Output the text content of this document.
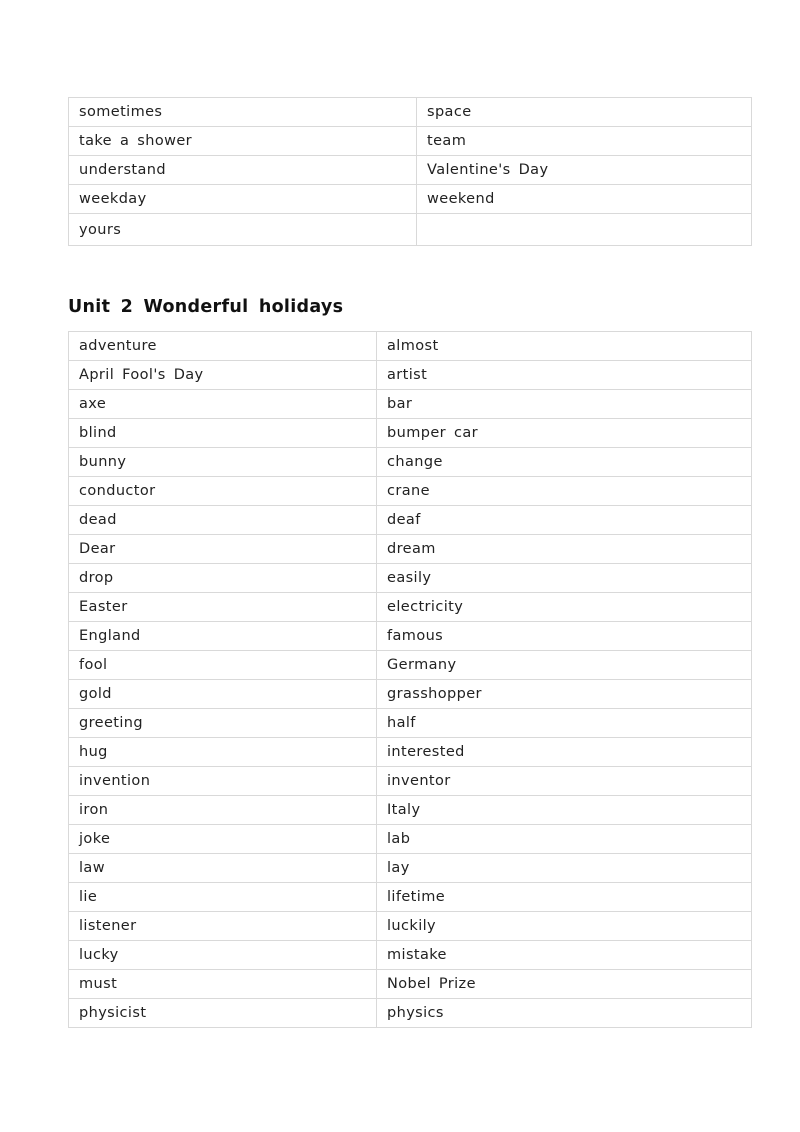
sometimes	space
take a shower	team
understand	Valentine's Day
weekday	weekend
yours	
Unit 2 Wonderful holidays
adventure	almost
April Fool's Day	artist
axe	bar
blind	bumper car
bunny	change
conductor	crane
dead	deaf
Dear	dream
drop	easily
Easter	electricity
England	famous
fool	Germany
gold	grasshopper
greeting	half
hug	interested
invention	inventor
iron	Italy
joke	lab
law	lay
lie	lifetime
listener	luckily
lucky	mistake
must	Nobel Prize
physicist	physics
